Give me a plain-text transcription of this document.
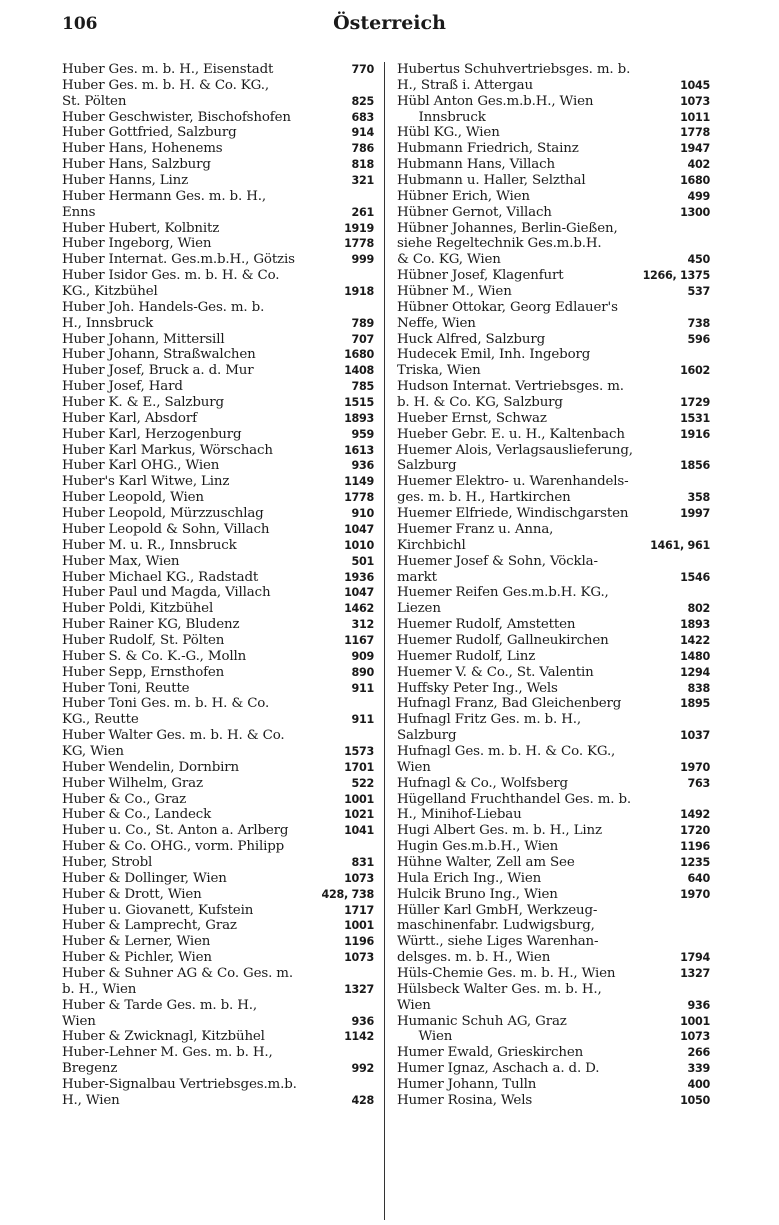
106	Österreich
Huber Ges. m. b. H., Eisenstadt	770
Huber Ges. m. b. H. & Co. KG.,
St. Pölten	825
Huber Geschwister, Bischofshofen	683
Huber Gottfried, Salzburg	914
Huber Hans, Hohenems	786
Huber Hans, Salzburg	818
Huber Hanns, Linz	321
Huber Hermann Ges. m. b. H.,
Enns	261
Huber Hubert, Kolbnitz	1919
Huber Ingeborg, Wien	1778
Huber Internat. Ges.m.b.H., Götzis	999
Huber Isidor Ges. m. b. H. & Co.
KG., Kitzbühel	1918
Huber Joh. Handels-Ges. m. b.
H., Innsbruck	789
Huber Johann, Mittersill	707
Huber Johann, Straßwalchen	1680
Huber Josef, Bruck a. d. Mur	1408
Huber Josef, Hard	785
Huber K. & E., Salzburg	1515
Huber Karl, Absdorf	1893
Huber Karl, Herzogenburg	959
Huber Karl Markus, Wörschach	1613
Huber Karl OHG., Wien	936
Huber's Karl Witwe, Linz	1149
Huber Leopold, Wien	1778
Huber Leopold, Mürzzuschlag	910
Huber Leopold & Sohn, Villach	1047
Huber M. u. R., Innsbruck	1010
Huber Max, Wien	501
Huber Michael KG., Radstadt	1936
Huber Paul und Magda, Villach	1047
Huber Poldi, Kitzbühel	1462
Huber Rainer KG, Bludenz	312
Huber Rudolf, St. Pölten	1167
Huber S. & Co. K.-G., Molln	909
Huber Sepp, Ernsthofen	890
Huber Toni, Reutte	911
Huber Toni Ges. m. b. H. & Co.
KG., Reutte	911
Huber Walter Ges. m. b. H. & Co.
KG, Wien	1573
Huber Wendelin, Dornbirn	1701
Huber Wilhelm, Graz	522
Huber & Co., Graz	1001
Huber & Co., Landeck	1021
Huber u. Co., St. Anton a. Arlberg	1041
Huber & Co. OHG., vorm. Philipp
Huber, Strobl	831
Huber & Dollinger, Wien	1073
Huber & Drott, Wien	428, 738
Huber u. Giovanett, Kufstein	1717
Huber & Lamprecht, Graz	1001
Huber & Lerner, Wien	1196
Huber & Pichler, Wien	1073
Huber & Suhner AG & Co. Ges. m.
b. H., Wien	1327
Huber & Tarde Ges. m. b. H.,
Wien	936
Huber & Zwicknagl, Kitzbühel	1142
Huber-Lehner M. Ges. m. b. H.,
Bregenz	992
Huber-Signalbau Vertriebsges.m.b.
H., Wien	428
Hubertus Schuhvertriebsges. m. b.
H., Straß i. Attergau	1045
Hübl Anton Ges.m.b.H., Wien	1073
Innsbruck	1011
Hübl KG., Wien	1778
Hubmann Friedrich, Stainz	1947
Hubmann Hans, Villach	402
Hubmann u. Haller, Selzthal	1680
Hübner Erich, Wien	499
Hübner Gernot, Villach	1300
Hübner Johannes, Berlin-Gießen,
siehe Regeltechnik Ges.m.b.H.
& Co. KG, Wien	450
Hübner Josef, Klagenfurt	1266, 1375
Hübner M., Wien	537
Hübner Ottokar, Georg Edlauer's
Neffe, Wien	738
Huck Alfred, Salzburg	596
Hudecek Emil, Inh. Ingeborg
Triska, Wien	1602
Hudson Internat. Vertriebsges. m.
b. H. & Co. KG, Salzburg	1729
Hueber Ernst, Schwaz	1531
Hueber Gebr. E. u. H., Kaltenbach	1916
Huemer Alois, Verlagsauslieferung,
Salzburg	1856
Huemer Elektro- u. Warenhandels-
ges. m. b. H., Hartkirchen	358
Huemer Elfriede, Windischgarsten	1997
Huemer Franz u. Anna,
Kirchbichl	1461, 961
Huemer Josef & Sohn, Vöckla-
markt	1546
Huemer Reifen Ges.m.b.H. KG.,
Liezen	802
Huemer Rudolf, Amstetten	1893
Huemer Rudolf, Gallneukirchen	1422
Huemer Rudolf, Linz	1480
Huemer V. & Co., St. Valentin	1294
Huffsky Peter Ing., Wels	838
Hufnagl Franz, Bad Gleichenberg	1895
Hufnagl Fritz Ges. m. b. H.,
Salzburg	1037
Hufnagl Ges. m. b. H. & Co. KG.,
Wien	1970
Hufnagl & Co., Wolfsberg	763
Hügelland Fruchthandel Ges. m. b.
H., Minihof-Liebau	1492
Hugi Albert Ges. m. b. H., Linz	1720
Hugin Ges.m.b.H., Wien	1196
Hühne Walter, Zell am See	1235
Hula Erich Ing., Wien	640
Hulcik Bruno Ing., Wien	1970
Hüller Karl GmbH, Werkzeug-
maschinenfabr. Ludwigsburg,
Württ., siehe Liges Warenhan-
delsges. m. b. H., Wien	1794
Hüls-Chemie Ges. m. b. H., Wien	1327
Hülsbeck Walter Ges. m. b. H.,
Wien	936
Humanic Schuh AG, Graz	1001
Wien	1073
Humer Ewald, Grieskirchen	266
Humer Ignaz, Aschach a. d. D.	339
Humer Johann, Tulln	400
Humer Rosina, Wels	1050
